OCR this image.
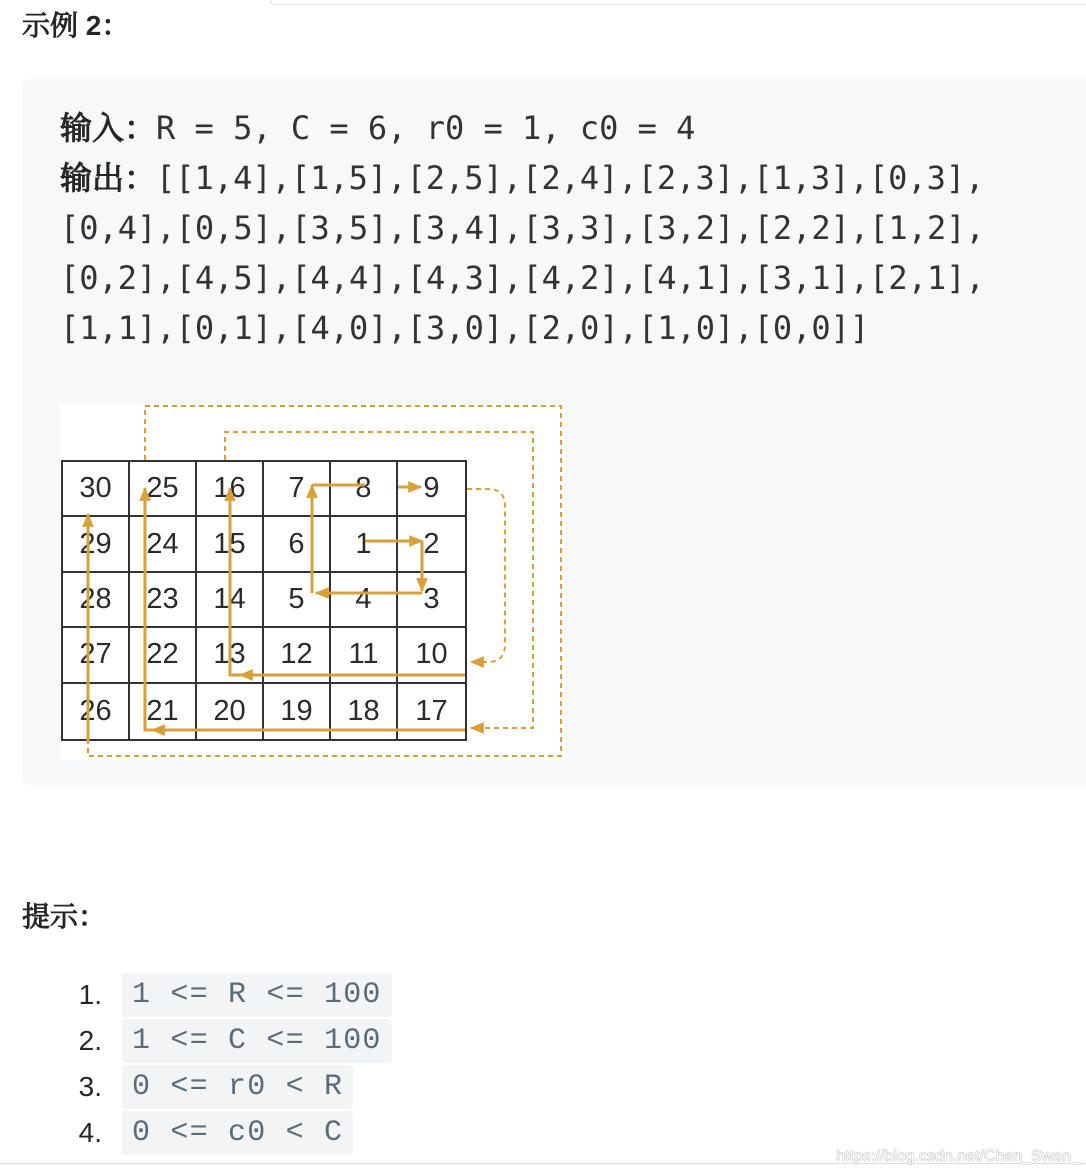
示例 2：
输入：R = 5, C = 6, r0 = 1, c0 = 4
输出：[[1,4],[1,5],[2,5],[2,4],[2,3],[1,3],[0,3],
[0,4],[0,5],[3,5],[3,4],[3,3],[3,2],[2,2],[1,2],
[0,2],[4,5],[4,4],[4,3],[4,2],[4,1],[3,1],[2,1],
[1,1],[0,1],[4,0],[3,0],[2,0],[1,0],[0,0]]
30	25	16	7	8	9
29	24	15	6	1	2
28	23	14	5	4	3
27	22	13	12	11	10
26	21	20	19	18	17
提示：
1.	1 <= R <= 100
2.	1 <= C <= 100
3.	0 <= r0 < R
4.	0 <= c0 < C
https://blog.csdn.net/Chen_Swan_
